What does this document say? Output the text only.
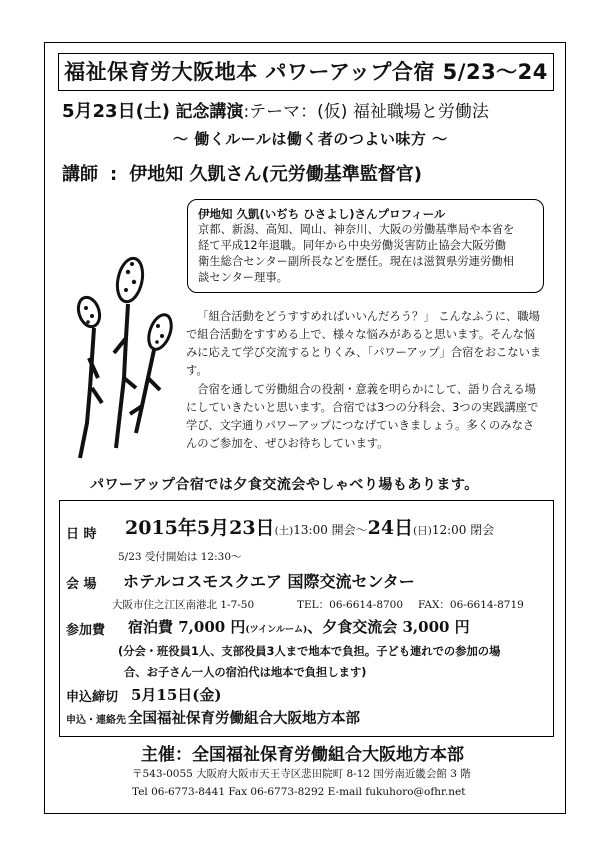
福祉保育労大阪地本 パワーアップ合宿 5/23～24
5月23日(土) 記念講演:テーマ：(仮) 福祉職場と労働法
～ 働くルールは働く者のつよい味方 ～
講師 : 伊地知 久凱さん(元労働基準監督官)
伊地知 久凱(いぢち ひさよし)さんプロフィール
京都、新潟、高知、岡山、神奈川、大阪の労働基準局や本省を
経て平成12年退職。同年から中央労働災害防止協会大阪労働
衛生総合センター副所長などを歴任。現在は滋賀県労連労働相
談センター理事。

「組合活動をどうすすめればいいんだろう？」 こんなふうに、職場で組合活動をすすめる上で、様々な悩みがあると思います。そんな悩みに応えて学び交流するとりくみ、「パワーアップ」合宿をおこないます。

合宿を通して労働組合の役割・意義を明らかにして、語り合える場にしていきたいと思います。合宿では3つの分科会、3つの実践講座で学び、文字通りパワーアップにつなげていきましょう。多くのみなさんのご参加を、ぜひお待ちしています。

パワーアップ合宿では夕食交流会やしゃべり場もあります。
日 時 2015年5月23日(土)13:00 開会～24日(日)12:00 閉会
5/23 受付開始は 12:30～
会 場 ホテルコスモスクエア 国際交流センター
大阪市住之江区南港北 1-7-50	TEL：06-6614-8700 FAX：06-6614-8719
参加費 宿泊費 7,000 円(ツインルーム)、夕食交流会 3,000 円
(分会・班役員1人、支部役員3人まで地本で負担。子ども連れでの参加の場
合、お子さん一人の宿泊代は地本で負担します)
申込締切 5月15日(金)
申込・連絡先 全国福祉保育労働組合大阪地方本部
主催：全国福祉保育労働組合大阪地方本部
〒543-0055 大阪府大阪市天王寺区悲田院町 8-12 国労南近畿会館 3 階
Tel 06-6773-8441 Fax 06-6773-8292 E-mail fukuhoro@ofhr.net
